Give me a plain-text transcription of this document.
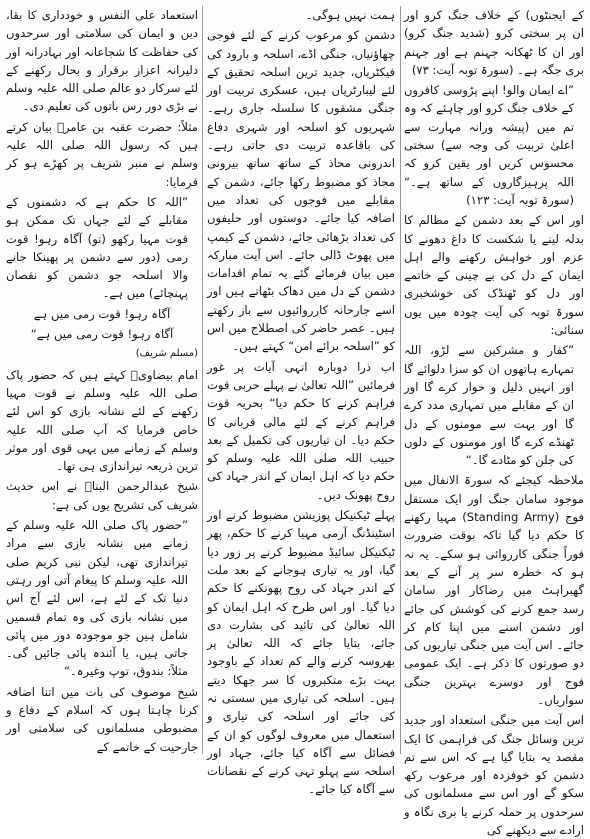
کے ایجنٹوں) کے خلاف جنگ کرو اور ان پر سختی کرو (شدید جنگ کرو) اور ان کا ٹھکانہ جہنم ہے اور جہنم بری جگہ ہے۔ (سورۃ توبہ آیت: ۷۳)

”اے ایمان والو! اپنے پڑوسی کافروں کے خلاف جنگ کرو اور چاہئے کہ وہ تم میں (پیشہ ورانہ مہارت سے اعلیٰ تربیت کی وجہ سے) سختی محسوس کریں اور یقین کرو کہ اللہ پرہیزگاروں کے ساتھ ہے۔“ (سورۃ توبہ آیت: ۱۲۳)

اور اس کے بعد دشمن کے مظالم کا بدلہ لینے یا شکست کا داغ دھونے کا عزم اور خواہش رکھنے والے اہل ایمان کے دل کی بے چینی کے خاتمے اور دل کو ٹھنڈک کی خوشخبری سورۃ توبہ کی آیت چودہ میں یوں سنائی:

”کفار و مشرکین سے لڑو، اللہ تمہارے ہاتھوں ان کو سزا دلوائے گا اور انہیں ذلیل و خوار کرے گا اور ان کے مقابلے میں تمہاری مدد کرے گا اور بہت سے مومنوں کے دل ٹھنڈے کرے گا اور مومنوں کے دلوں کی جلن کو مٹادے گا۔“

ملاحظہ کیجئے کہ سورۃ الانفال میں موجود سامان جنگ اور ایک مستقل فوج (Standing Army) مہیا رکھنے کا حکم دیا گیا تاکہ بوقت ضرورت فوراً جنگی کارروائی ہو سکے۔ یہ نہ ہو کہ خطرہ سر پر آنے کے بعد گھبراہٹ میں رضاکار اور سامان رسد جمع کرنے کی کوشش کی جائے اور دشمن اسنے میں اپنا کام کر جائے۔ اس آیت میں جنگی تیاریوں کی دو صورتوں کا ذکر ہے۔ ایک عمومی فوج اور دوسرے بہترین جنگی سواریاں۔

اس آیت میں جنگی استعداد اور جدید ترین وسائل جنگ کی فراہمی کا ایک مقصد یہ بتایا گیا ہے کہ اس سے تم دشمن کو خوفزدہ اور مرعوب رکھ سکو گے اور اس سے مسلمانوں کی سرحدوں پر حملہ کرنے یا بری نگاہ و ارادے سے دیکھنے کی

ہمت نہیں ہوگی۔

دشمن کو مرعوب کرنے کے لئے فوجی چھاؤنیاں، جنگی اڈے، اسلحہ و بارود کی فیکٹریاں، جدید ترین اسلحہ تحقیق کے لئے لیبارٹریاں ہیں، عسکری تربیت اور جنگی مشقوں کا سلسلہ جاری رہے۔ شہریوں کو اسلحہ اور شہری دفاع کی باقاعدہ تربیت دی جاتی رہے۔ اندرونی محاذ کے ساتھ ساتھ بیرونی محاذ کو مضبوط رکھا جائے، دشمن کے مقابلے میں فوجوں کی تعداد میں اضافہ کیا جائے۔ دوستوں اور حلیفوں کی تعداد بڑھائی جائے، دشمن کے کیمپ میں پھوٹ ڈالی جائے۔ اس آیت مبارکہ میں بیان فرمائے گئے یہ تمام اقدامات دشمن کے دل میں دھاک بٹھاتے ہیں اور اسے جارحانہ کارروائیوں سے باز رکھتے ہیں۔ عصر حاضر کی اصطلاح میں اس کو ”اسلحہ برائے امن“ کہتے ہیں۔

اب ذرا دوبارہ انہی آیات پر غور فرمائیں ”اللہ تعالیٰ نے پہلے حربی قوت فراہم کرنے کا حکم دیا“ بحریہ قوت فراہم کرنے کے لئے مالی قربانی کا حکم دیا۔ ان تیاریوں کی تکمیل کے بعد حبیب اللہ صلی اللہ علیہ وسلم کو حکم دیا کہ اہل ایمان کے اندر جہاد کی روح پھونک دیں۔

پہلے ٹیکنیکل پوزیشن مضبوط کرنے اور اسٹینڈنگ آرمی مہیا کرنے کا حکم، پھر ٹیکنیکل سائیڈ مضبوط کرنے پر زور دیا گیا، اور یہ تیاری ہوجانے کے بعد ملت کے اندر جہاد کی روح پھونکنے کا حکم دیا گیا۔ اور اس طرح کہ اہل ایمان کو اللہ تعالیٰ کی تائید کی بشارت دی جائے، بتایا جائے کہ اللہ تعالیٰ پر بھروسہ کرنے والے کم تعداد کے باوجود بہت بڑے متکبروں کا سر جھکا دیتے ہیں۔ اسلحہ کی تیاری میں سستی نہ کی جائے اور اسلحہ کی تیاری و استعمال میں معروف لوگوں کو ان کے فضائل سے آگاہ کیا جائے، جہاد اور اسلحہ سے پہلو تہی کرنے کے نقصانات سے آگاہ کیا جائے۔

استعماد علی النفس و خودداری کا بقا، دین و ایمان کی سلامتی اور سرحدوں کی حفاظت کا شجاعانہ اور بہادرانہ اور دلیرانہ اعزاز برقرار و بحال رکھنے کے لئے سرکار دو عالم صلی اللہ علیہ وسلم نے بڑی دور رس باتوں کی تعلیم دی۔

مثلاً: حضرت عقبہ بن عامرؓ بیان کرتے ہیں کہ رسول اللہ صلی اللہ علیہ وسلم نے منبر شریف پر کھڑے ہو کر فرمایا:

”اللہ کا حکم ہے کہ دشمنوں کے مقابلے کے لئے جہاں تک ممکن ہو قوت مہیا رکھو (تو) آگاہ رہو! قوت رمی (دور سے دشمن پر پھینکا جانے والا اسلحہ جو دشمن کو نقصان پہنچائے) میں ہے۔

آگاہ رہو! قوت رمی میں ہے

آگاہ رہو! قوت رمی میں ہے“

(مسلم شریف)

امام بیضاویؒ کہتے ہیں کہ حضور پاک صلی اللہ علیہ وسلم نے قوت مہیا رکھنے کے لئے نشانہ بازی کو اس لئے خاص فرمایا کہ آپ صلی اللہ علیہ وسلم کے زمانے میں یہی قوی اور موثر ترین ذریعہ تیراندازی ہی تھا۔

شیخ عبدالرحمن البناؒ نے اس حدیث شریف کی تشریح یوں کی ہے:

”حضور پاک صلی اللہ علیہ وسلم کے زمانے میں نشانہ بازی سے مراد تیراندازی تھی، لیکن نبی کریم صلی اللہ علیہ وسلم کا پیغام آتی اور رہتی دنیا تک کے لئے ہے، اس لئے آج اس میں نشانہ بازی کی وہ تمام قسمیں شامل ہیں جو موجودہ دور میں پائی جاتی ہیں، یا آئندہ پائی جائیں گی۔ مثلاً: بندوق، توپ وغیرہ۔“

شیخ موصوف کی بات میں اتنا اضافہ کرنا چاہتا ہوں کہ اسلام کے دفاع و مضبوطی مسلمانوں کی سلامتی اور جارحیت کے خاتمے کے
